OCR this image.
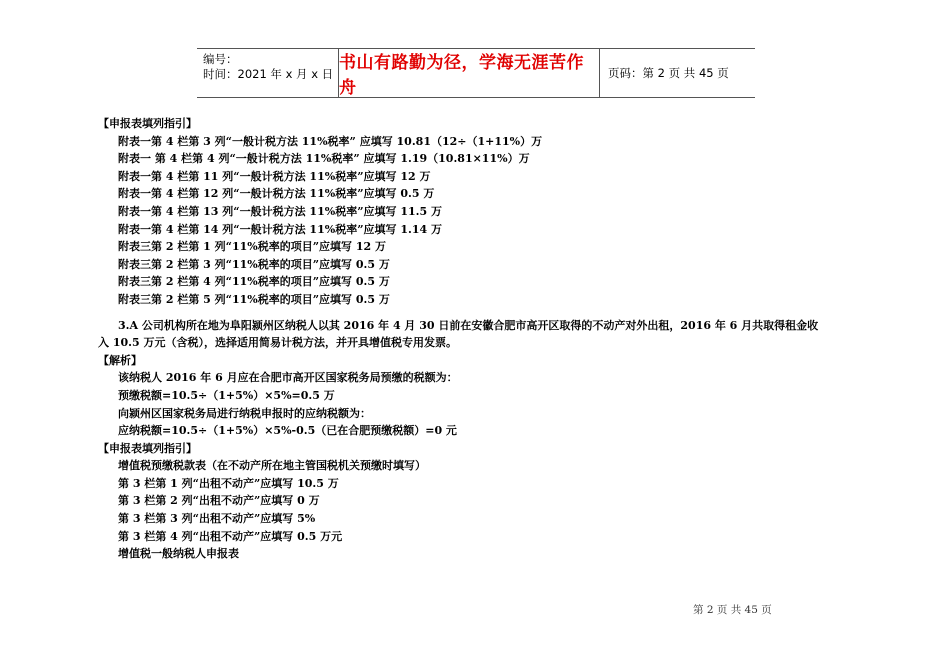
编号：
时间：2021 年 x 月 x 日
书山有路勤为径，学海无涯苦作舟
页码：第 2 页 共 45 页
【申报表填列指引】
附表一第 4 栏第 3 列“一般计税方法 11%税率” 应填写 10.81（12÷（1+11%）万
附表一 第 4 栏第 4 列“一般计税方法 11%税率” 应填写 1.19（10.81×11%）万
附表一第 4 栏第 11 列“一般计税方法 11%税率”应填写 12 万
附表一第 4 栏第 12 列“一般计税方法 11%税率”应填写 0.5 万
附表一第 4 栏第 13 列“一般计税方法 11%税率”应填写 11.5 万
附表一第 4 栏第 14 列“一般计税方法 11%税率”应填写 1.14 万
附表三第 2 栏第 1 列“11%税率的项目”应填写 12 万
附表三第 2 栏第 3 列“11%税率的项目”应填写 0.5 万
附表三第 2 栏第 4 列“11%税率的项目”应填写 0.5 万
附表三第 2 栏第 5 列“11%税率的项目”应填写 0.5 万
3.A 公司机构所在地为阜阳颍州区纳税人以其 2016 年 4 月 30 日前在安徽合肥市高开区取得的不动产对外出租，2016 年 6 月共取得租金收
入 10.5 万元（含税），选择适用简易计税方法，并开具增值税专用发票。
【解析】
该纳税人 2016 年 6 月应在合肥市高开区国家税务局预缴的税额为：
预缴税额=10.5÷（1+5%）×5%=0.5 万
向颍州区国家税务局进行纳税申报时的应纳税额为：
应纳税额=10.5÷（1+5%）×5%-0.5（已在合肥预缴税额）=0 元
【申报表填列指引】
增值税预缴税款表（在不动产所在地主管国税机关预缴时填写）
第 3 栏第 1 列“出租不动产”应填写 10.5 万
第 3 栏第 2 列“出租不动产”应填写 0 万
第 3 栏第 3 列“出租不动产”应填写 5%
第 3 栏第 4 列“出租不动产”应填写 0.5 万元
增值税一般纳税人申报表
第 2 页 共 45 页
